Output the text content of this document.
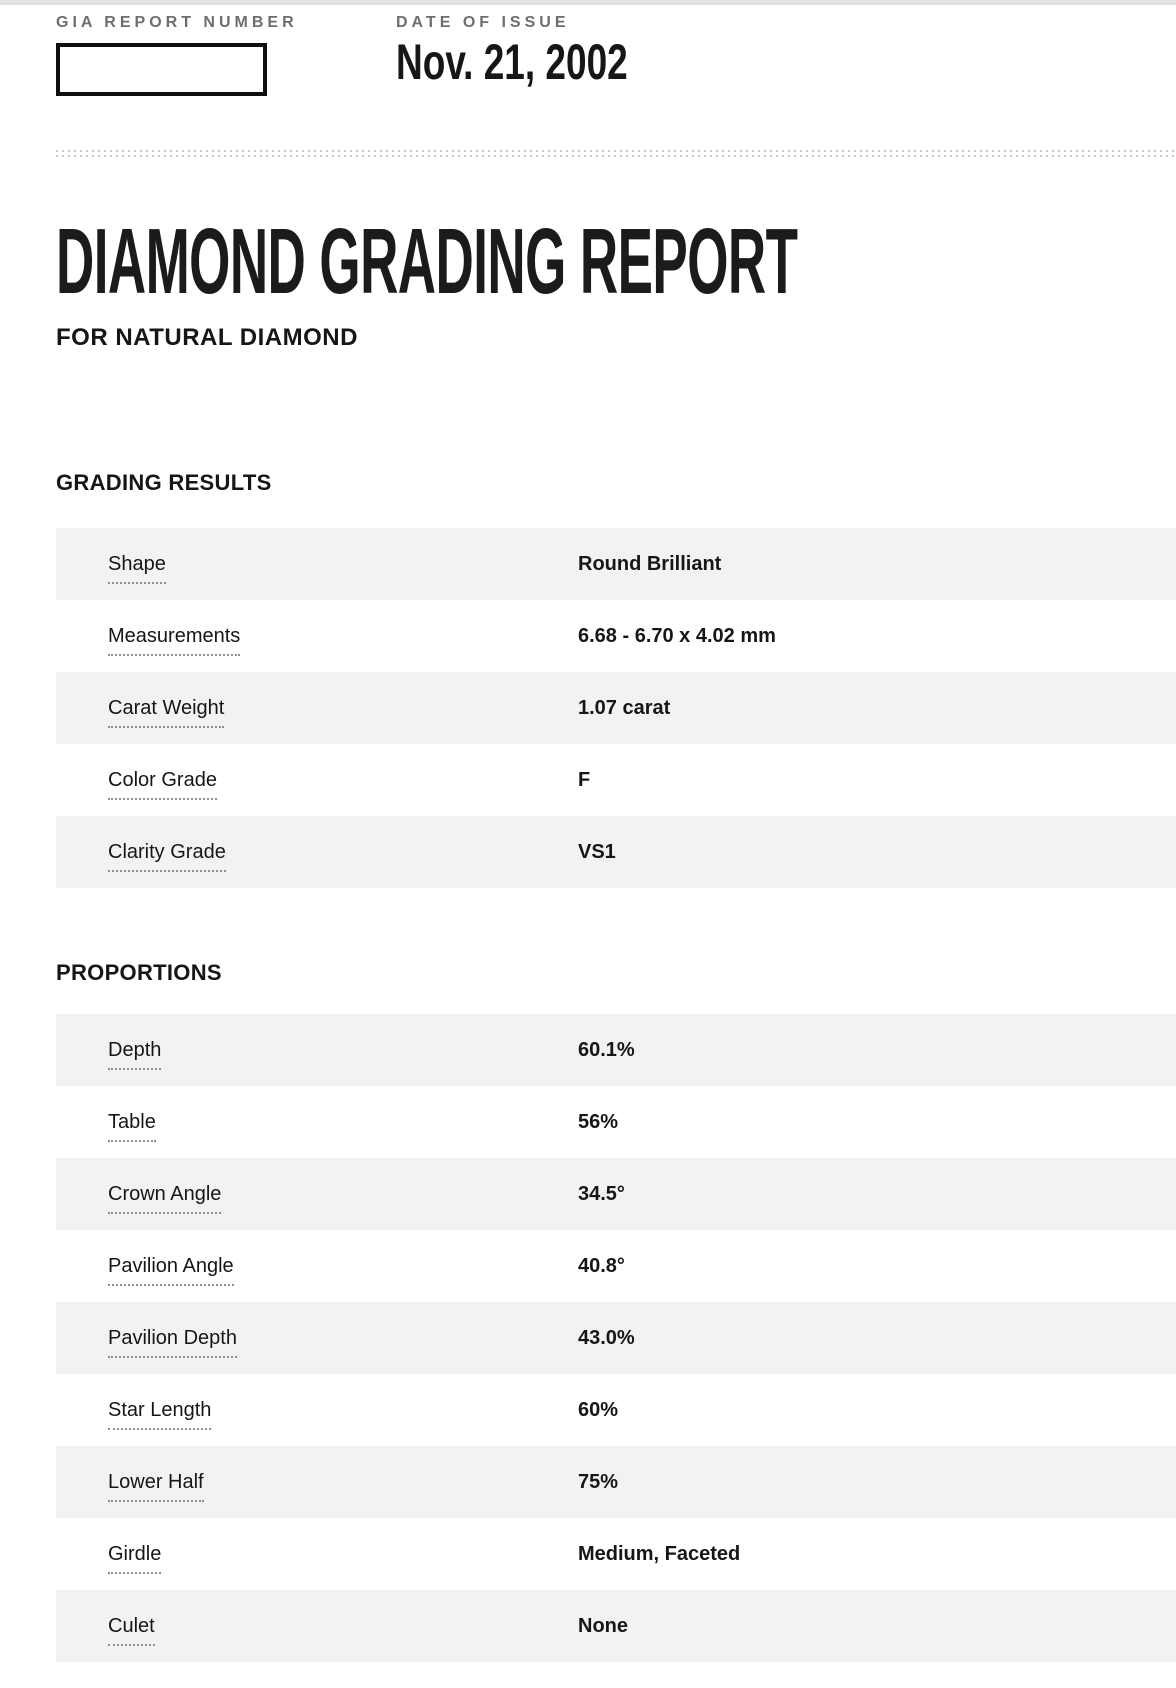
GIA REPORT NUMBER	DATE OF ISSUE
Nov. 21, 2002
DIAMOND GRADING REPORT
FOR NATURAL DIAMOND
GRADING RESULTS
Shape	Round Brilliant
Measurements	6.68 - 6.70 x 4.02 mm
Carat Weight	1.07 carat
Color Grade	F
Clarity Grade	VS1
PROPORTIONS
Depth	60.1%
Table	56%
Crown Angle	34.5°
Pavilion Angle	40.8°
Pavilion Depth	43.0%
Star Length	60%
Lower Half	75%
Girdle	Medium, Faceted
Culet	None
